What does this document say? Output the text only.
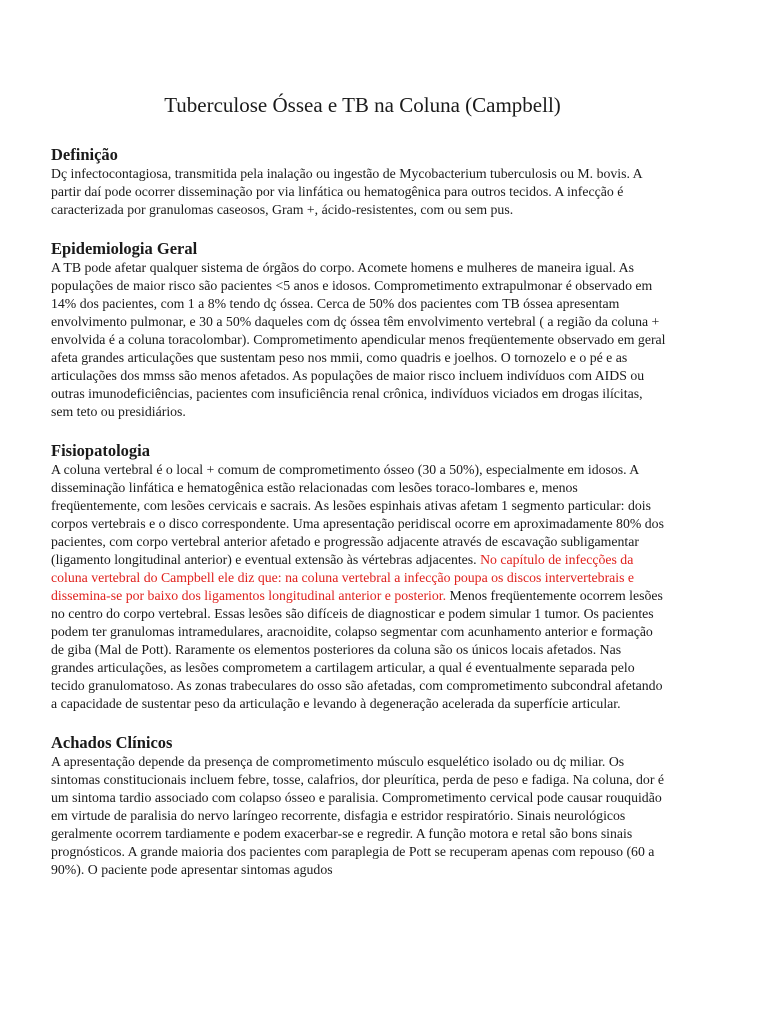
Tuberculose Óssea e TB na Coluna (Campbell)
Definição

Dç infectocontagiosa, transmitida pela inalação ou ingestão de Mycobacterium tuberculosis ou M. bovis. A partir daí pode ocorrer disseminação por via linfática ou hematogênica para outros tecidos. A infecção é caracterizada por granulomas caseosos, Gram +, ácido-resistentes, com ou sem pus.

Epidemiologia Geral

A TB pode afetar qualquer sistema de órgãos do corpo. Acomete homens e mulheres de maneira igual. As populações de maior risco são pacientes <5 anos e idosos. Comprometimento extrapulmonar é observado em 14% dos pacientes, com 1 a 8% tendo dç óssea. Cerca de 50% dos pacientes com TB óssea apresentam envolvimento pulmonar, e 30 a 50% daqueles com dç óssea têm envolvimento vertebral ( a região da coluna + envolvida é a coluna toracolombar). Comprometimento apendicular menos freqüentemente observado em geral afeta grandes articulações que sustentam peso nos mmii, como quadris e joelhos. O tornozelo e o pé e as articulações dos mmss são menos afetados. As populações de maior risco incluem indivíduos com AIDS ou outras imunodeficiências, pacientes com insuficiência renal crônica, indivíduos viciados em drogas ilícitas, sem teto ou presidiários.

Fisiopatologia

A coluna vertebral é o local + comum de comprometimento ósseo (30 a 50%), especialmente em idosos. A disseminação linfática e hematogênica estão relacionadas com lesões toraco-lombares e, menos freqüentemente, com lesões cervicais e sacrais. As lesões espinhais ativas afetam 1 segmento particular: dois corpos vertebrais e o disco correspondente. Uma apresentação peridiscal ocorre em aproximadamente 80% dos pacientes, com corpo vertebral anterior afetado e progressão adjacente através de escavação subligamentar (ligamento longitudinal anterior) e eventual extensão às vértebras adjacentes. No capítulo de infecções da coluna vertebral do Campbell ele diz que: na coluna vertebral a infecção poupa os discos intervertebrais e dissemina-se por baixo dos ligamentos longitudinal anterior e posterior. Menos freqüentemente ocorrem lesões no centro do corpo vertebral. Essas lesões são difíceis de diagnosticar e podem simular 1 tumor. Os pacientes podem ter granulomas intramedulares, aracnoidite, colapso segmentar com acunhamento anterior e formação de giba (Mal de Pott). Raramente os elementos posteriores da coluna são os únicos locais afetados. Nas grandes articulações, as lesões comprometem a cartilagem articular, a qual é eventualmente separada pelo tecido granulomatoso. As zonas trabeculares do osso são afetadas, com comprometimento subcondral afetando a capacidade de sustentar peso da articulação e levando à degeneração acelerada da superfície articular.

Achados Clínicos

A apresentação depende da presença de comprometimento músculo esquelético isolado ou dç miliar. Os sintomas constitucionais incluem febre, tosse, calafrios, dor pleurítica, perda de peso e fadiga. Na coluna, dor é um sintoma tardio associado com colapso ósseo e paralisia. Comprometimento cervical pode causar rouquidão em virtude de paralisia do nervo laríngeo recorrente, disfagia e estridor respiratório. Sinais neurológicos geralmente ocorrem tardiamente e podem exacerbar-se e regredir. A função motora e retal são bons sinais prognósticos. A grande maioria dos pacientes com paraplegia de Pott se recuperam apenas com repouso (60 a 90%). O paciente pode apresentar sintomas agudos
